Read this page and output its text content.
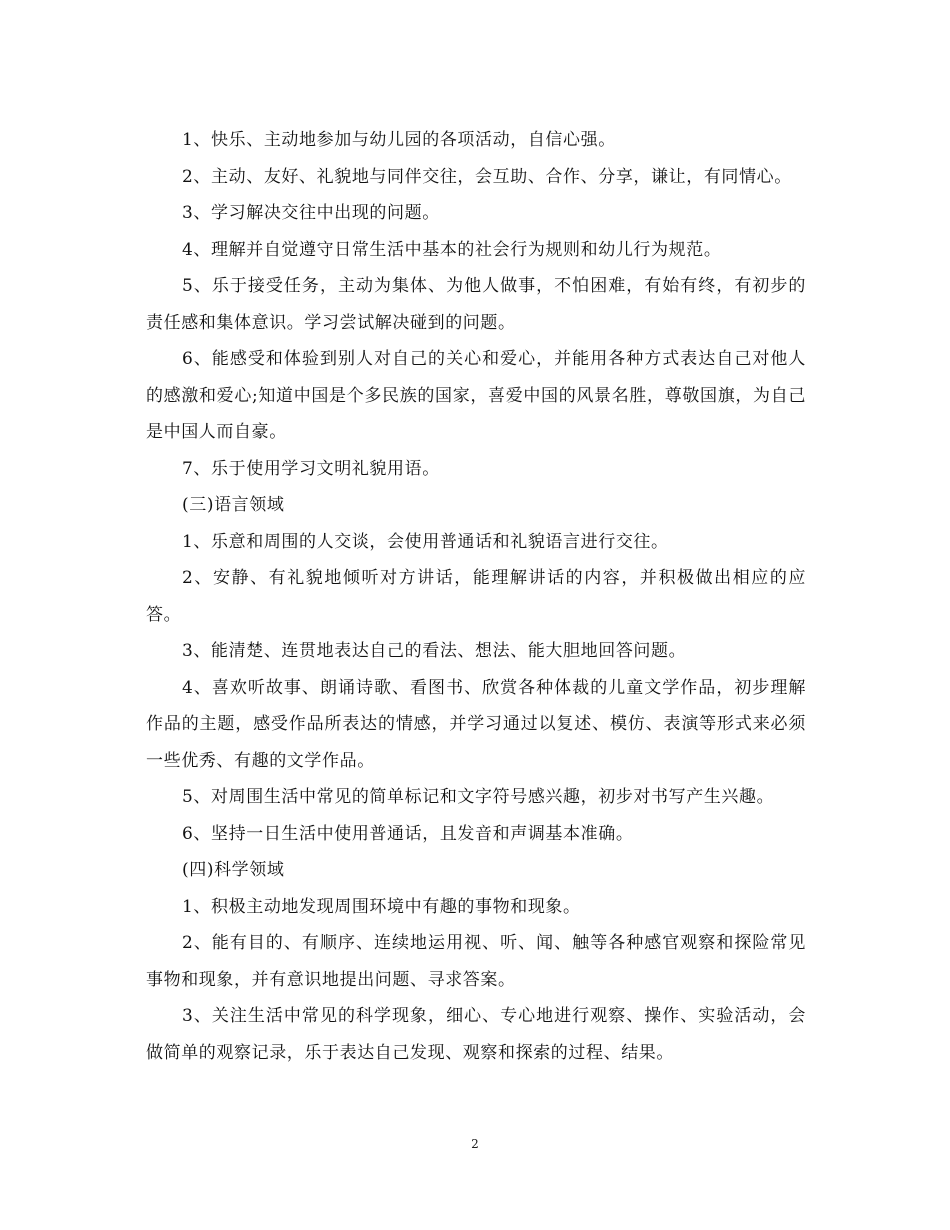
1、快乐、主动地参加与幼儿园的各项活动，自信心强。

2、主动、友好、礼貌地与同伴交往，会互助、合作、分享，谦让，有同情心。

3、学习解决交往中出现的问题。

4、理解并自觉遵守日常生活中基本的社会行为规则和幼儿行为规范。

5、乐于接受任务，主动为集体、为他人做事，不怕困难，有始有终，有初步的责任感和集体意识。学习尝试解决碰到的问题。

6、能感受和体验到别人对自己的关心和爱心，并能用各种方式表达自己对他人的感激和爱心;知道中国是个多民族的国家，喜爱中国的风景名胜，尊敬国旗，为自己是中国人而自豪。

7、乐于使用学习文明礼貌用语。

(三)语言领域

1、乐意和周围的人交谈，会使用普通话和礼貌语言进行交往。

2、安静、有礼貌地倾听对方讲话，能理解讲话的内容，并积极做出相应的应答。

3、能清楚、连贯地表达自己的看法、想法、能大胆地回答问题。

4、喜欢听故事、朗诵诗歌、看图书、欣赏各种体裁的儿童文学作品，初步理解作品的主题，感受作品所表达的情感，并学习通过以复述、模仿、表演等形式来必须一些优秀、有趣的文学作品。

5、对周围生活中常见的简单标记和文字符号感兴趣，初步对书写产生兴趣。

6、坚持一日生活中使用普通话，且发音和声调基本准确。

(四)科学领域

1、积极主动地发现周围环境中有趣的事物和现象。

2、能有目的、有顺序、连续地运用视、听、闻、触等各种感官观察和探险常见事物和现象，并有意识地提出问题、寻求答案。

3、关注生活中常见的科学现象，细心、专心地进行观察、操作、实验活动，会做简单的观察记录，乐于表达自己发现、观察和探索的过程、结果。

2
